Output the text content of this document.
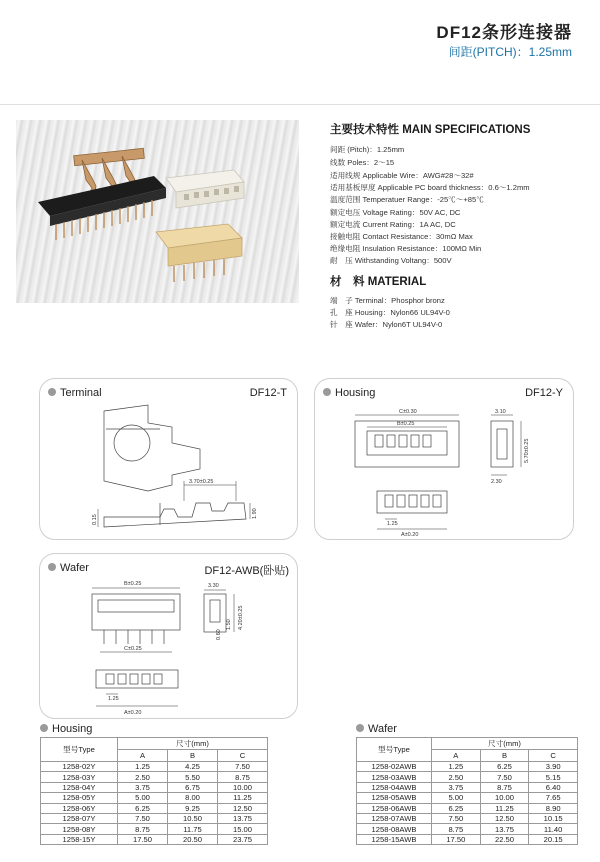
DF12条形连接器
间距(PITCH)：1.25mm
主要技术特性 MAIN SPECIFICATIONS
间距 (Pitch)：1.25mm
线数 Poles：2～15
适用线规 Applicable Wire：AWG#28～32#
适用基板厚度 Applicable PC board thickness：0.6～1.2mm
温度范围 Temperatuer Range：-25℃～+85℃
额定电压 Voltage Rating：50V AC, DC
额定电流 Current Rating：1A AC, DC
接触电阻 Contact Resistance：30mΩ Max
绝缘电阻 Insulation Resistance：100MΩ Min
耐　压 Withstanding Voltang：500V
材　料 MATERIAL
端　子 Terminal：Phosphor bronz
孔　座 Housing：Nylon66 UL94V-0
针　座 Wafer：Nylon6T UL94V-0
Terminal	DF12-T
3.70±0.25
0.15
1.90
Housing	DF12-Y
C±0.30
B±0.25
3.10
5.70±0.25
2.30
1.25
A±0.20
Wafer	DF12-AWB(卧贴)
B±0.25	3.30
4.20±0.25
1.50
0.60
C±0.25
1.25
A±0.20
Housing
型号Type	尺寸(mm)		
	A	B	C
1258-02Y	1.25	4.25	7.50
1258-03Y	2.50	5.50	8.75
1258-04Y	3.75	6.75	10.00
1258-05Y	5.00	8.00	11.25
1258-06Y	6.25	9.25	12.50
1258-07Y	7.50	10.50	13.75
1258-08Y	8.75	11.75	15.00
1258-15Y	17.50	20.50	23.75
Wafer
型号Type	尺寸(mm)		
	A	B	C
1258-02AWB	1.25	6.25	3.90
1258-03AWB	2.50	7.50	5.15
1258-04AWB	3.75	8.75	6.40
1258-05AWB	5.00	10.00	7.65
1258-06AWB	6.25	11.25	8.90
1258-07AWB	7.50	12.50	10.15
1258-08AWB	8.75	13.75	11.40
1258-15AWB	17.50	22.50	20.15
